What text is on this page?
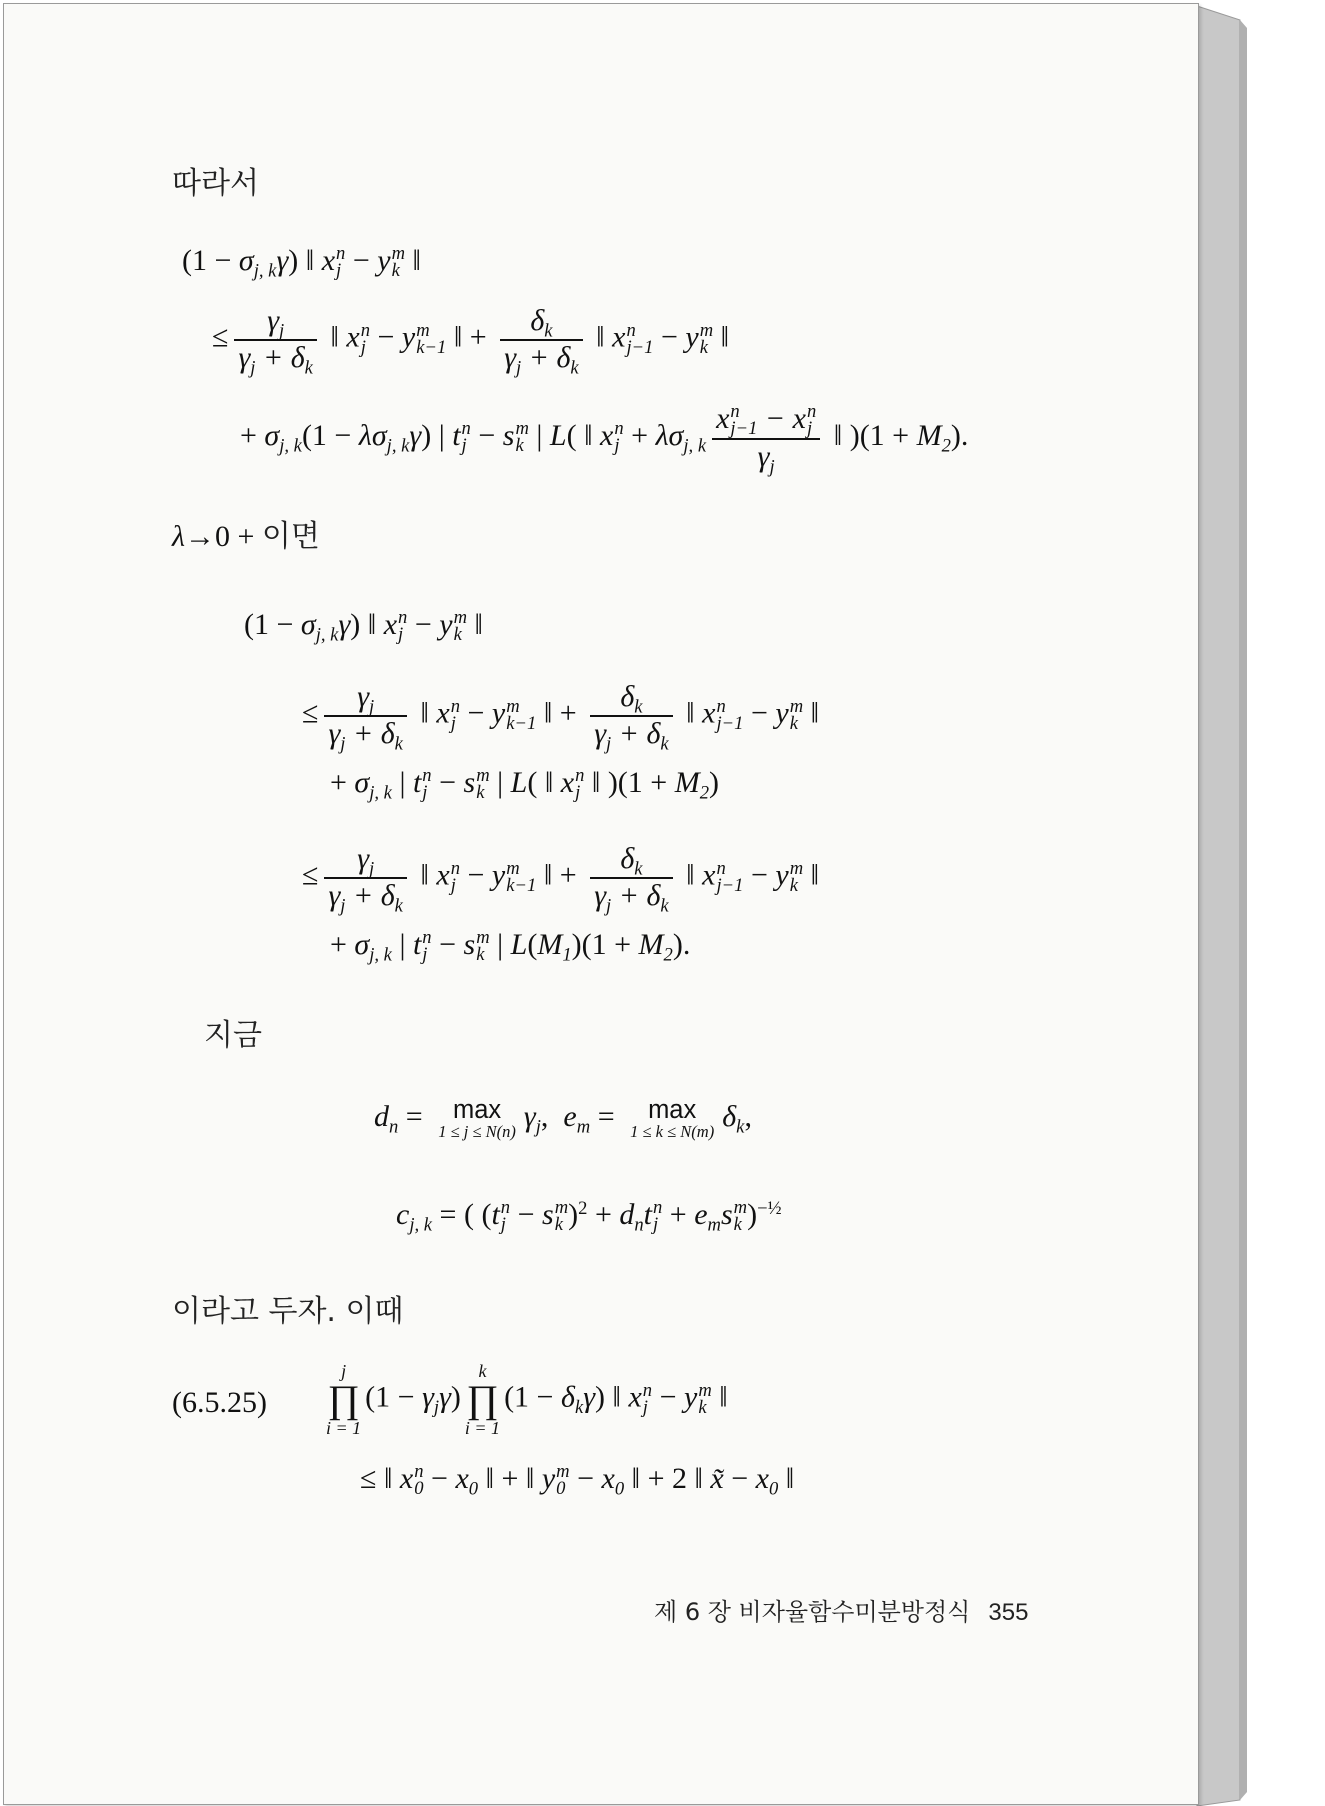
따라서
$(1 - \sigma_{j, k}\gamma)$ ‖ xn
j − ym
k ‖
≤ $\frac{\gamma_j}{\gamma_j + \delta_k}$ ‖ xn
j − ym
k−1 ‖ + $\frac{\delta_k}{\gamma_j + \delta_k}$ ‖ xn
j−1 − ym
k ‖
+ $\sigma_{j, k}(1 - \lambda\sigma_{j, k}\gamma)$ | tn
j − sm
k | L( ‖ xn
$j + \lambda\sigma_{j, k}$
xn
j−1 − xn
j
$\gamma_j$
‖ )$(1 + M_2)$.
λ→0 + 이면
$(1 - \sigma_{j, k}\gamma)$ ‖ xn
j − ym
k ‖
≤ $\frac{\gamma_j}{\gamma_j + \delta_k}$ ‖ xn
j − ym
k−1 ‖ + $\frac{\delta_k}{\gamma_j + \delta_k}$ ‖ xn
j−1 − ym
k ‖
+ $\sigma_{j, k}$ | tn
j − sm
k | L( ‖ xn
j ‖ )$(1 + M_2)$
≤ $\frac{\gamma_j}{\gamma_j + \delta_k}$ ‖ xn
j − ym
k−1 ‖ + $\frac{\delta_k}{\gamma_j + \delta_k}$ ‖ xn
j−1 − ym
k ‖
+ $\sigma_{j, k}$ | tn
j − sm
k | $L(M_1)(1 + M_2)$.
지금
$d_n = \max$
1 ≤ j ≤ N(n) $\gamma_j$,  $e_m$ =	max
1 ≤ k ≤ N(m) $\delta_k$,
$c_{j, k}$ = ( (tn
j − sm
k )$^2 + d_ntn$
$j + e_msm$
k )$^{-\frac{1}{2}}$
이라고 두자. 이때
(6.5.25)
j
∏
i = 1
$(1 - \gamma_j\gamma)$
k
∏
i = 1
$(1 - \delta_k\gamma)$ ‖ xn
j − ym
k ‖
≤ ‖ xn
$0 - x_0$ ‖ + ‖ ym
$0 - x_0$ ‖ + 2 ‖ x̃ − $x_0$ ‖
제 6 장 비자율함수미분방정식 355
